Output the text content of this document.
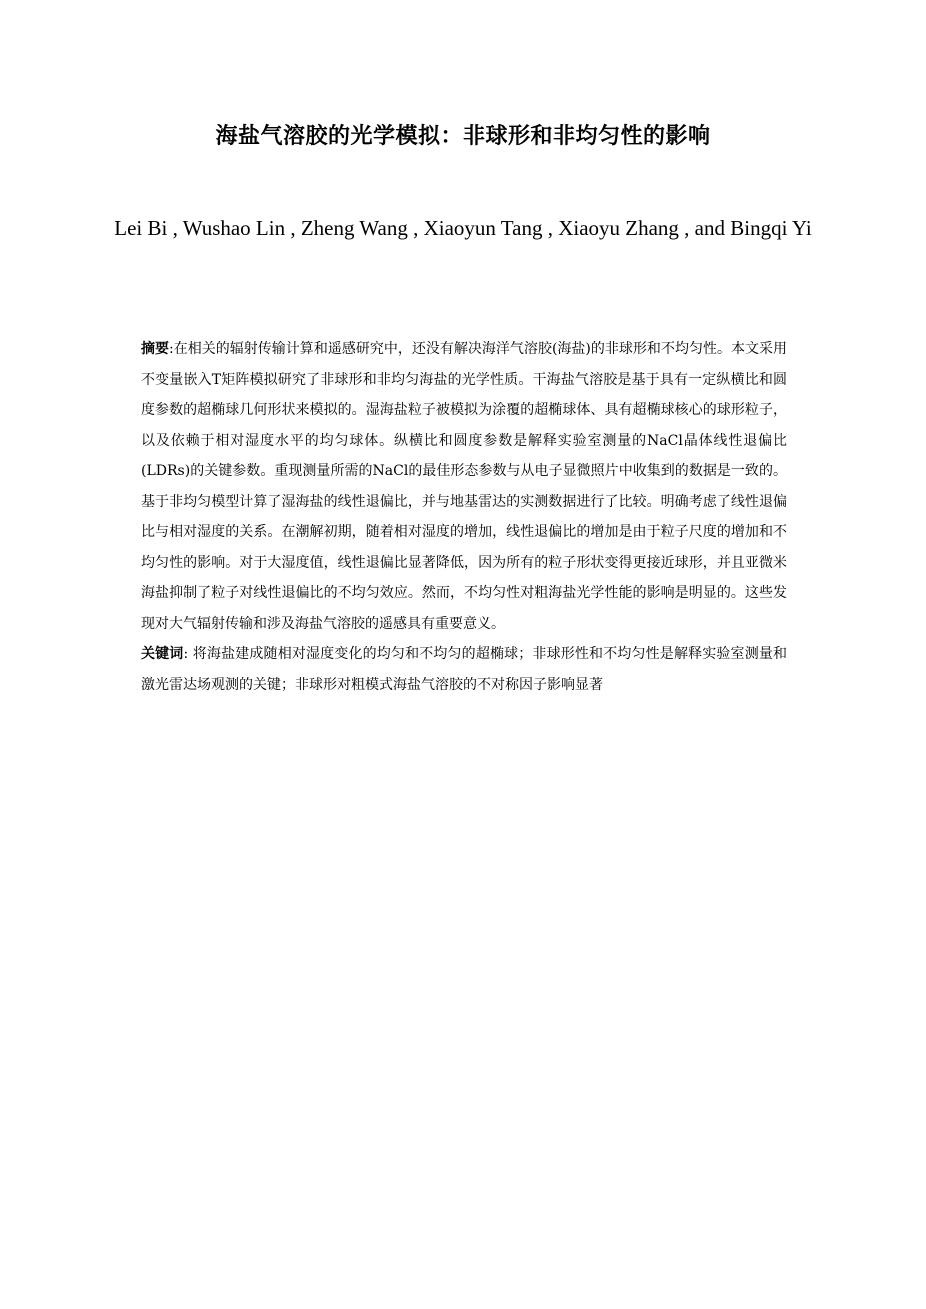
海盐气溶胶的光学模拟：非球形和非均匀性的影响
Lei Bi , Wushao Lin , Zheng Wang , Xiaoyun Tang , Xiaoyu Zhang , and Bingqi Yi

摘要:在相关的辐射传输计算和遥感研究中，还没有解决海洋气溶胶(海盐)的非球形和不均匀性。本文采用不变量嵌入T矩阵模拟研究了非球形和非均匀海盐的光学性质。干海盐气溶胶是基于具有一定纵横比和圆度参数的超椭球几何形状来模拟的。湿海盐粒子被模拟为涂覆的超椭球体、具有超椭球核心的球形粒子，以及依赖于相对湿度水平的均匀球体。纵横比和圆度参数是解释实验室测量的NaCl晶体线性退偏比(LDRs)的关键参数。重现测量所需的NaCl的最佳形态参数与从电子显微照片中收集到的数据是一致的。基于非均匀模型计算了湿海盐的线性退偏比，并与地基雷达的实测数据进行了比较。明确考虑了线性退偏比与相对湿度的关系。在潮解初期，随着相对湿度的增加，线性退偏比的增加是由于粒子尺度的增加和不均匀性的影响。对于大湿度值，线性退偏比显著降低，因为所有的粒子形状变得更接近球形，并且亚微米海盐抑制了粒子对线性退偏比的不均匀效应。然而，不均匀性对粗海盐光学性能的影响是明显的。这些发现对大气辐射传输和涉及海盐气溶胶的遥感具有重要意义。

关键词: 将海盐建成随相对湿度变化的均匀和不均匀的超椭球；非球形性和不均匀性是解释实验室测量和激光雷达场观测的关键；非球形对粗模式海盐气溶胶的不对称因子影响显著
